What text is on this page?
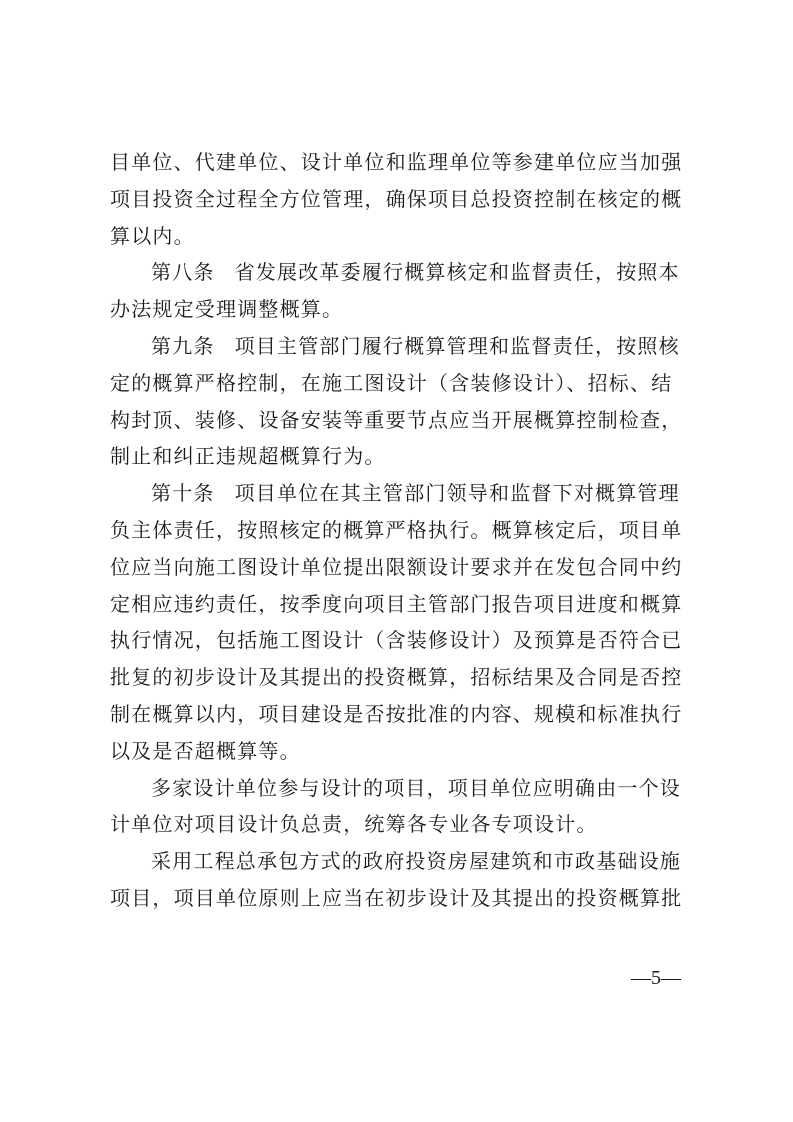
目单位、代建单位、设计单位和监理单位等参建单位应当加强
项目投资全过程全方位管理，确保项目总投资控制在核定的概
算以内。
第八条 省发展改革委履行概算核定和监督责任，按照本
办法规定受理调整概算。
第九条 项目主管部门履行概算管理和监督责任，按照核
定的概算严格控制，在施工图设计（含装修设计）、招标、结
构封顶、装修、设备安装等重要节点应当开展概算控制检查，
制止和纠正违规超概算行为。
第十条 项目单位在其主管部门领导和监督下对概算管理
负主体责任，按照核定的概算严格执行。概算核定后，项目单
位应当向施工图设计单位提出限额设计要求并在发包合同中约
定相应违约责任，按季度向项目主管部门报告项目进度和概算
执行情况，包括施工图设计（含装修设计）及预算是否符合已
批复的初步设计及其提出的投资概算，招标结果及合同是否控
制在概算以内，项目建设是否按批准的内容、规模和标准执行
以及是否超概算等。
多家设计单位参与设计的项目，项目单位应明确由一个设
计单位对项目设计负总责，统筹各专业各专项设计。
采用工程总承包方式的政府投资房屋建筑和市政基础设施
项目，项目单位原则上应当在初步设计及其提出的投资概算批
—5—
